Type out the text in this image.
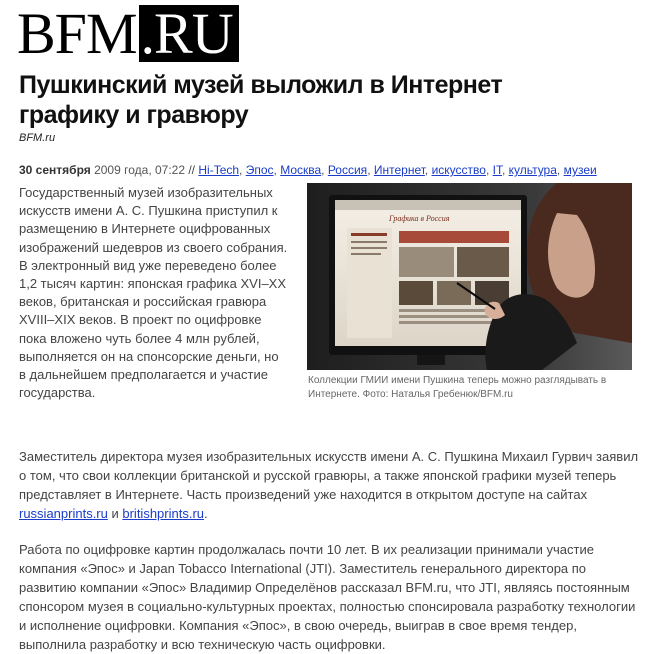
BFM .RU
Пушкинский музей выложил в Интернет графику и гравюру
BFM.ru
30 сентября 2009 года, 07:22 // Hi-Tech, Эпос, Москва, Россия, Интернет, искусство, IT, культура, музеи

Государственный музей изобразительных искусств имени А. С. Пушкина приступил к размещению в Интернете оцифрованных изображений шедевров из своего собрания. В электронный вид уже переведено более 1,2 тысяч картин: японская графика XVI–XX веков, британская и российская гравюра XVIII–XIX веков. В проект по оцифровке пока вложено чуть более 4 млн рублей, выполняется он на спонсорские деньги, но в дальнейшем предполагается и участие государства.

Графика в Россия

Коллекции ГМИИ имени Пушкина теперь можно разглядывать в Интернете. Фото: Наталья Гребенюк/BFM.ru

Заместитель директора музея изобразительных искусств имени А. С. Пушкина Михаил Гурвич заявил о том, что свои коллекции британской и русской гравюры, а также японской графики музей теперь представляет в Интернете. Часть произведений уже находится в открытом доступе на сайтах russianprints.ru и britishprints.ru.

Работа по оцифровке картин продолжалась почти 10 лет. В их реализации принимали участие компания «Эпос» и Japan Tobacco International (JTI). Заместитель генерального директора по развитию компании «Эпос» Владимир Определёнов рассказал BFM.ru, что JTI, являясь постоянным спонсором музея в социально-культурных проектах, полностью спонсировала разработку технологии и исполнение оцифровки. Компания «Эпос», в свою очередь, выиграв в свое время тендер, выполнила разработку и всю техническую часть оцифровки.
